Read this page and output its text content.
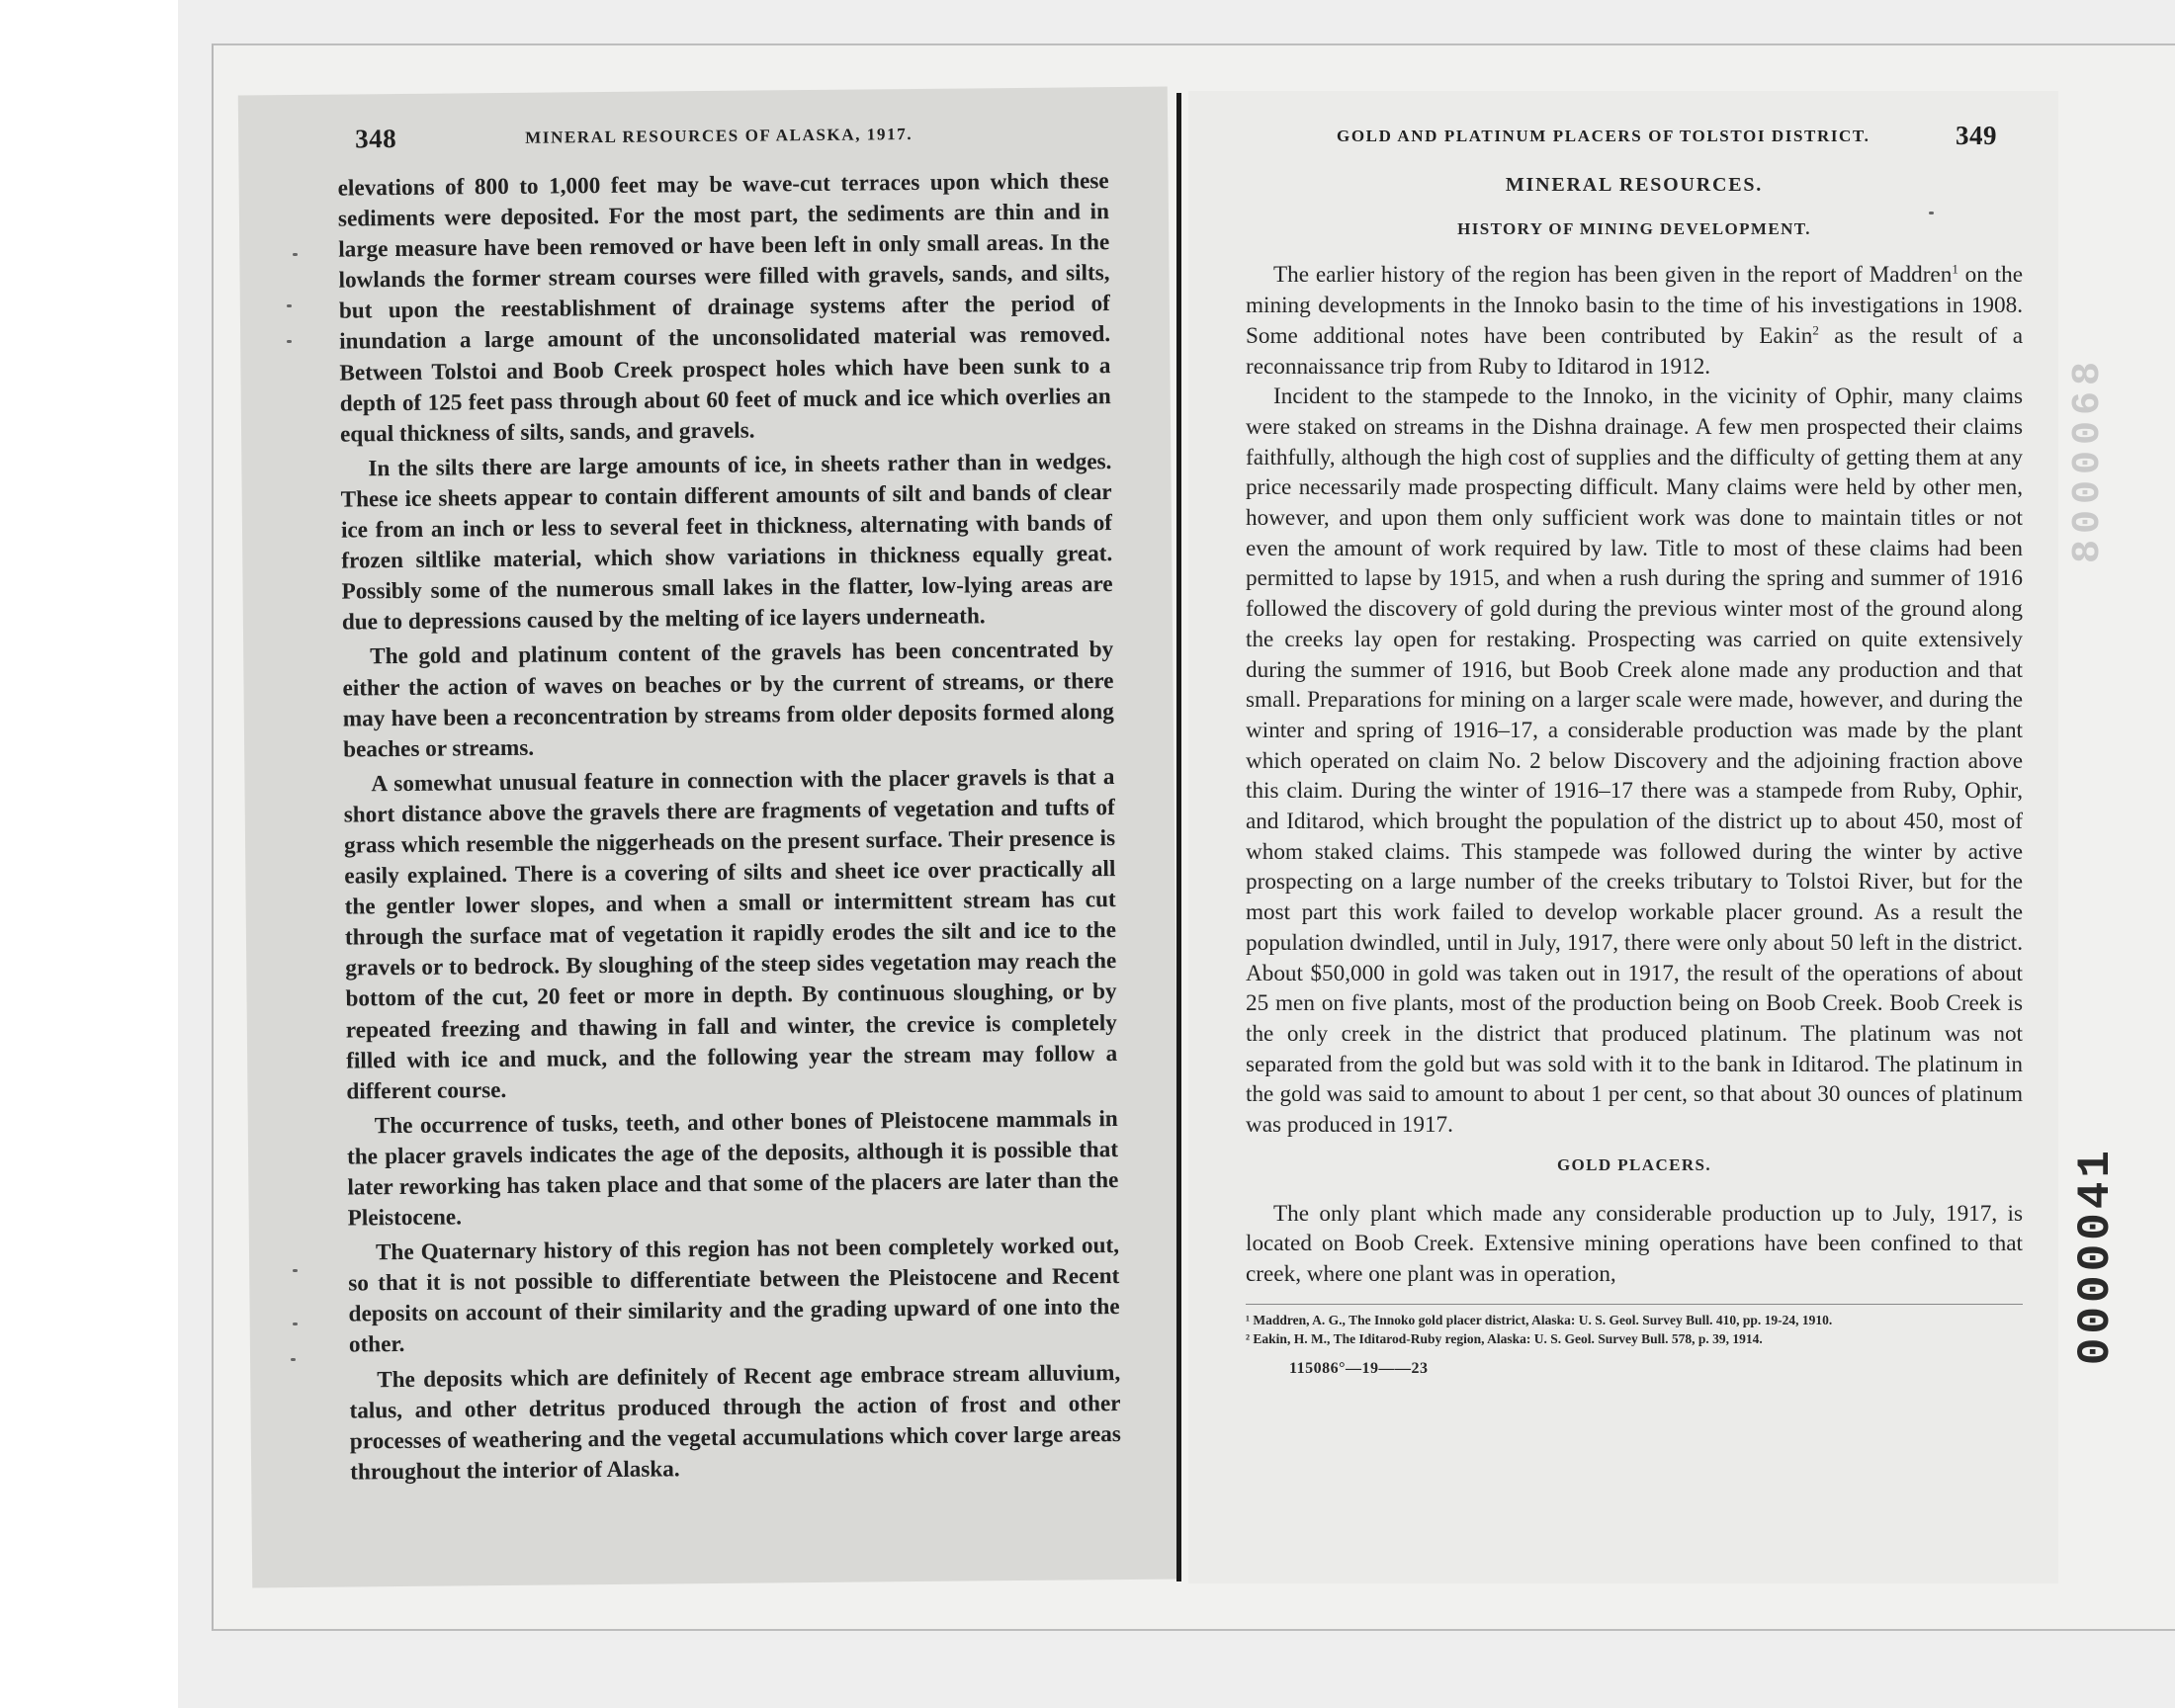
348	MINERAL RESOURCES OF ALASKA, 1917.

elevations of 800 to 1,000 feet may be wave-cut terraces upon which these sediments were deposited. For the most part, the sediments are thin and in large measure have been removed or have been left in only small areas. In the lowlands the former stream courses were filled with gravels, sands, and silts, but upon the reestablishment of drainage systems after the period of inundation a large amount of the unconsolidated material was removed. Between Tolstoi and Boob Creek prospect holes which have been sunk to a depth of 125 feet pass through about 60 feet of muck and ice which overlies an equal thickness of silts, sands, and gravels.

In the silts there are large amounts of ice, in sheets rather than in wedges. These ice sheets appear to contain different amounts of silt and bands of clear ice from an inch or less to several feet in thickness, alternating with bands of frozen siltlike material, which show variations in thickness equally great. Possibly some of the numerous small lakes in the flatter, low-lying areas are due to depressions caused by the melting of ice layers underneath.

The gold and platinum content of the gravels has been concentrated by either the action of waves on beaches or by the current of streams, or there may have been a reconcentration by streams from older deposits formed along beaches or streams.

A somewhat unusual feature in connection with the placer gravels is that a short distance above the gravels there are fragments of vegetation and tufts of grass which resemble the niggerheads on the present surface. Their presence is easily explained. There is a covering of silts and sheet ice over practically all the gentler lower slopes, and when a small or intermittent stream has cut through the surface mat of vegetation it rapidly erodes the silt and ice to the gravels or to bedrock. By sloughing of the steep sides vegetation may reach the bottom of the cut, 20 feet or more in depth. By continuous sloughing, or by repeated freezing and thawing in fall and winter, the crevice is completely filled with ice and muck, and the following year the stream may follow a different course.

The occurrence of tusks, teeth, and other bones of Pleistocene mammals in the placer gravels indicates the age of the deposits, although it is possible that later reworking has taken place and that some of the placers are later than the Pleistocene.

The Quaternary history of this region has not been completely worked out, so that it is not possible to differentiate between the Pleistocene and Recent deposits on account of their similarity and the grading upward of one into the other.

The deposits which are definitely of Recent age embrace stream alluvium, talus, and other detritus produced through the action of frost and other processes of weathering and the vegetal accumulations which cover large areas throughout the interior of Alaska.

GOLD AND PLATINUM PLACERS OF TOLSTOI DISTRICT.	349
MINERAL RESOURCES.
HISTORY OF MINING DEVELOPMENT.

The earlier history of the region has been given in the report of Maddren$^1$ on the mining developments in the Innoko basin to the time of his investigations in 1908. Some additional notes have been contributed by Eakin$^2$ as the result of a reconnaissance trip from Ruby to Iditarod in 1912.

Incident to the stampede to the Innoko, in the vicinity of Ophir, many claims were staked on streams in the Dishna drainage. A few men prospected their claims faithfully, although the high cost of supplies and the difficulty of getting them at any price necessarily made prospecting difficult. Many claims were held by other men, however, and upon them only sufficient work was done to maintain titles or not even the amount of work required by law. Title to most of these claims had been permitted to lapse by 1915, and when a rush during the spring and summer of 1916 followed the discovery of gold during the previous winter most of the ground along the creeks lay open for restaking. Prospecting was carried on quite extensively during the summer of 1916, but Boob Creek alone made any production and that small. Preparations for mining on a larger scale were made, however, and during the winter and spring of 1916–17, a considerable production was made by the plant which operated on claim No. 2 below Discovery and the adjoining fraction above this claim. During the winter of 1916–17 there was a stampede from Ruby, Ophir, and Iditarod, which brought the population of the district up to about 450, most of whom staked claims. This stampede was followed during the winter by active prospecting on a large number of the creeks tributary to Tolstoi River, but for the most part this work failed to develop workable placer ground. As a result the population dwindled, until in July, 1917, there were only about 50 left in the district. About $50,000 in gold was taken out in 1917, the result of the operations of about 25 men on five plants, most of the production being on Boob Creek. Boob Creek is the only creek in the district that produced platinum. The platinum was not separated from the gold but was sold with it to the bank in Iditarod. The platinum in the gold was said to amount to about 1 per cent, so that about 30 ounces of platinum was produced in 1917.

GOLD PLACERS.

The only plant which made any considerable production up to July, 1917, is located on Boob Creek. Extensive mining operations have been confined to that creek, where one plant was in operation,

¹ Maddren, A. G., The Innoko gold placer district, Alaska: U. S. Geol. Survey Bull. 410, pp. 19-24, 1910.

² Eakin, H. M., The Iditarod-Ruby region, Alaska: U. S. Geol. Survey Bull. 578, p. 39, 1914.

115086°—19——23
8000068
0000041
